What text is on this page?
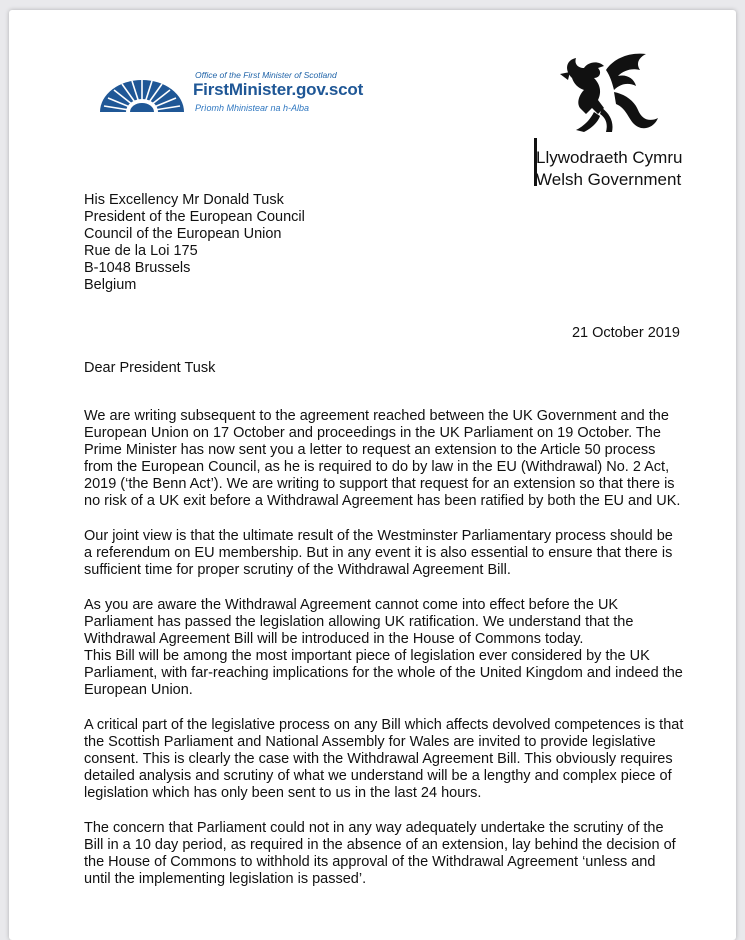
Office of the First Minister of Scotland
FirstMinister.gov.scot
Prìomh Mhinistear na h-Alba
Llywodraeth Cymru
Welsh Government
His Excellency Mr Donald Tusk
President of the European Council
Council of the European Union
Rue de la Loi 175
B-1048 Brussels
Belgium
21 October 2019
Dear President Tusk

We are writing subsequent to the agreement reached between the UK Government and the European Union on 17 October and proceedings in the UK Parliament on 19 October. The Prime Minister has now sent you a letter to request an extension to the Article 50 process from the European Council, as he is required to do by law in the EU (Withdrawal) No. 2 Act, 2019 (‘the Benn Act’). We are writing to support that request for an extension so that there is no risk of a UK exit before a Withdrawal Agreement has been ratified by both the EU and UK.

Our joint view is that the ultimate result of the Westminster Parliamentary process should be a referendum on EU membership. But in any event it is also essential to ensure that there is sufficient time for proper scrutiny of the Withdrawal Agreement Bill.

As you are aware the Withdrawal Agreement cannot come into effect before the UK Parliament has passed the legislation allowing UK ratification. We understand that the Withdrawal Agreement Bill will be introduced in the House of Commons today.

This Bill will be among the most important piece of legislation ever considered by the UK Parliament, with far-reaching implications for the whole of the United Kingdom and indeed the European Union.

A critical part of the legislative process on any Bill which affects devolved competences is that the Scottish Parliament and National Assembly for Wales are invited to provide legislative consent. This is clearly the case with the Withdrawal Agreement Bill. This obviously requires detailed analysis and scrutiny of what we understand will be a lengthy and complex piece of legislation which has only been sent to us in the last 24 hours.

The concern that Parliament could not in any way adequately undertake the scrutiny of the Bill in a 10 day period, as required in the absence of an extension, lay behind the decision of the House of Commons to withhold its approval of the Withdrawal Agreement ‘unless and until the implementing legislation is passed’.
